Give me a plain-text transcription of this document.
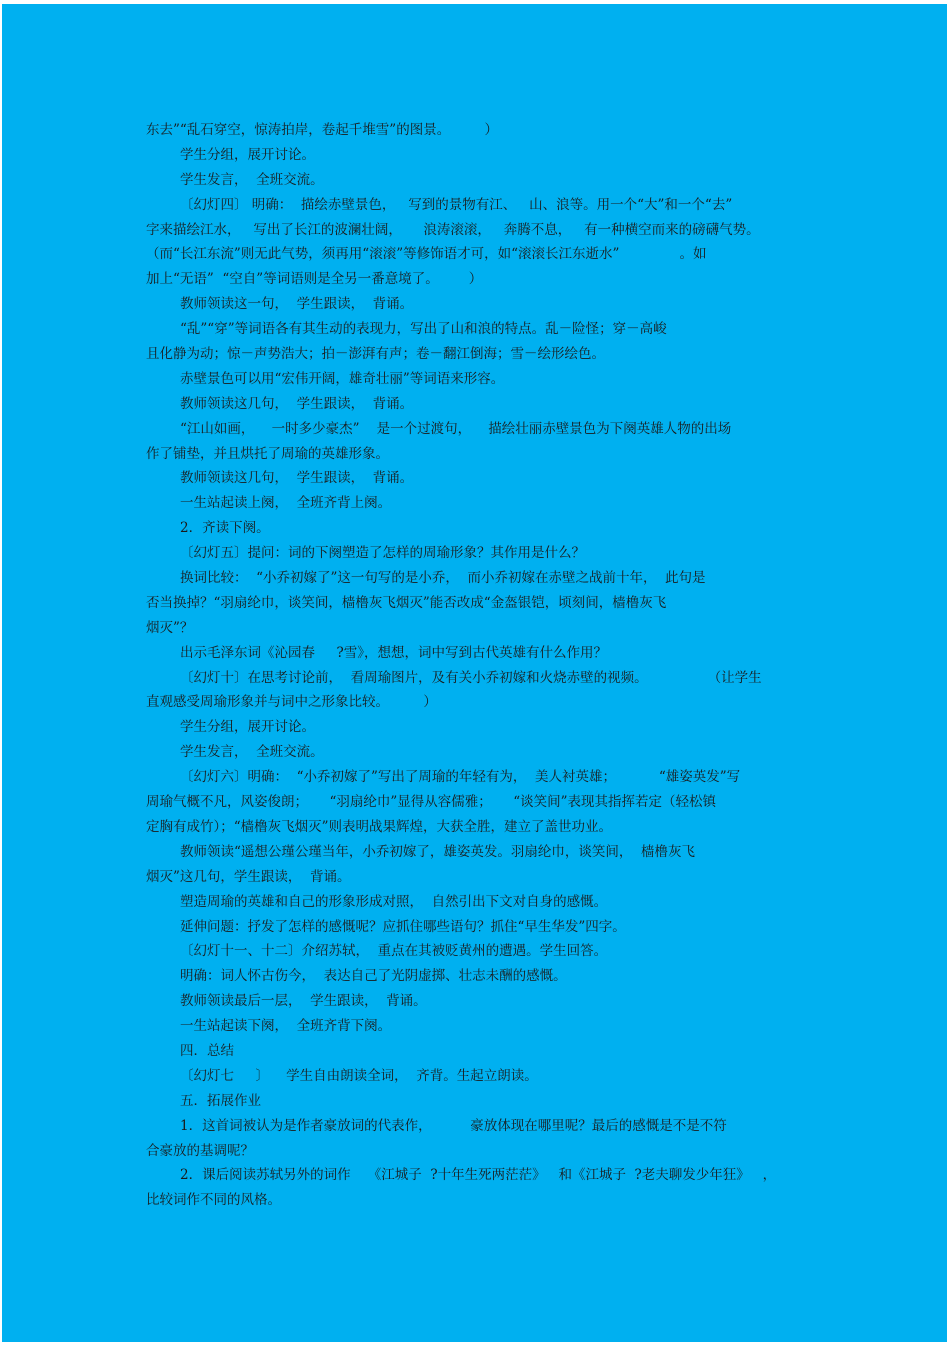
东去”“乱石穿空，惊涛拍岸，卷起千堆雪”的图景。        ）
学生分组，展开讨论。
学生发言，  全班交流。
〔幻灯四〕 明确：  描绘赤壁景色，   写到的景物有江、   山、浪等。用一个“大”和一个“去”
字来描绘江水，   写出了长江的波澜壮阔，     浪涛滚滚，   奔腾不息，   有一种横空而来的磅礴气势。
（而“长江东流”则无此气势，须再用“滚滚”等修饰语才可，如“滚滚长江东逝水”              。如
加上“无语”  “空自”等词语则是全另一番意境了。       ）
教师领读这一句，  学生跟读，  背诵。
“乱”“穿”等词语各有其生动的表现力，写出了山和浪的特点。乱－险怪；穿－高峻
且化静为动；惊－声势浩大；拍－澎湃有声；卷－翻江倒海；雪－绘形绘色。
赤壁景色可以用“宏伟开阔，雄奇壮丽”等词语来形容。
教师领读这几句，  学生跟读，  背诵。
“江山如画，    一时多少豪杰”    是一个过渡句，    描绘壮丽赤壁景色为下阕英雄人物的出场
作了铺垫，并且烘托了周瑜的英雄形象。
教师领读这几句，  学生跟读，  背诵。
一生站起读上阕，  全班齐背上阕。
2．齐读下阕。
〔幻灯五〕提问：词的下阕塑造了怎样的周瑜形象？其作用是什么？
换词比较：  “小乔初嫁了”这一句写的是小乔，  而小乔初嫁在赤壁之战前十年，  此句是
否当换掉？“羽扇纶巾，谈笑间，樯橹灰飞烟灭”能否改成“金盔银铠，顷刻间，樯橹灰飞
烟灭”？
出示毛泽东词《沁园春     ?雪》，想想，词中写到古代英雄有什么作用？
〔幻灯十〕在思考讨论前，  看周瑜图片，及有关小乔初嫁和火烧赤壁的视频。              （让学生
直观感受周瑜形象并与词中之形象比较。        ）
学生分组，展开讨论。
学生发言，  全班交流。
〔幻灯六〕明确：  “小乔初嫁了”写出了周瑜的年轻有为，  美人衬英雄；          “雄姿英发”写
周瑜气概不凡，风姿俊朗；     “羽扇纶巾”显得从容儒雅；     “谈笑间”表现其指挥若定（轻松镇
定胸有成竹）；“樯橹灰飞烟灭”则表明战果辉煌，大获全胜，建立了盖世功业。
教师领读“遥想公瑾公瑾当年，小乔初嫁了，雄姿英发。羽扇纶巾，谈笑间，  樯橹灰飞
烟灭”这几句，学生跟读，  背诵。
塑造周瑜的英雄和自己的形象形成对照，  自然引出下文对自身的感慨。
延伸问题：抒发了怎样的感慨呢？应抓住哪些语句？抓住“早生华发”四字。
〔幻灯十一、十二〕介绍苏轼，  重点在其被贬黄州的遭遇。学生回答。
明确：词人怀古伤今，  表达自己了光阴虚掷、壮志未酬的感慨。
教师领读最后一层，  学生跟读，  背诵。
一生站起读下阕，  全班齐背下阕。
四．总结
〔幻灯七     〕    学生自由朗读全词，  齐背。生起立朗读。
五．拓展作业
1．这首词被认为是作者豪放词的代表作，         豪放体现在哪里呢？最后的感慨是不是不符
合豪放的基调呢？
2．课后阅读苏轼另外的词作    《江城子  ?十年生死两茫茫》   和《江城子  ?老夫聊发少年狂》   ，
比较词作不同的风格。
